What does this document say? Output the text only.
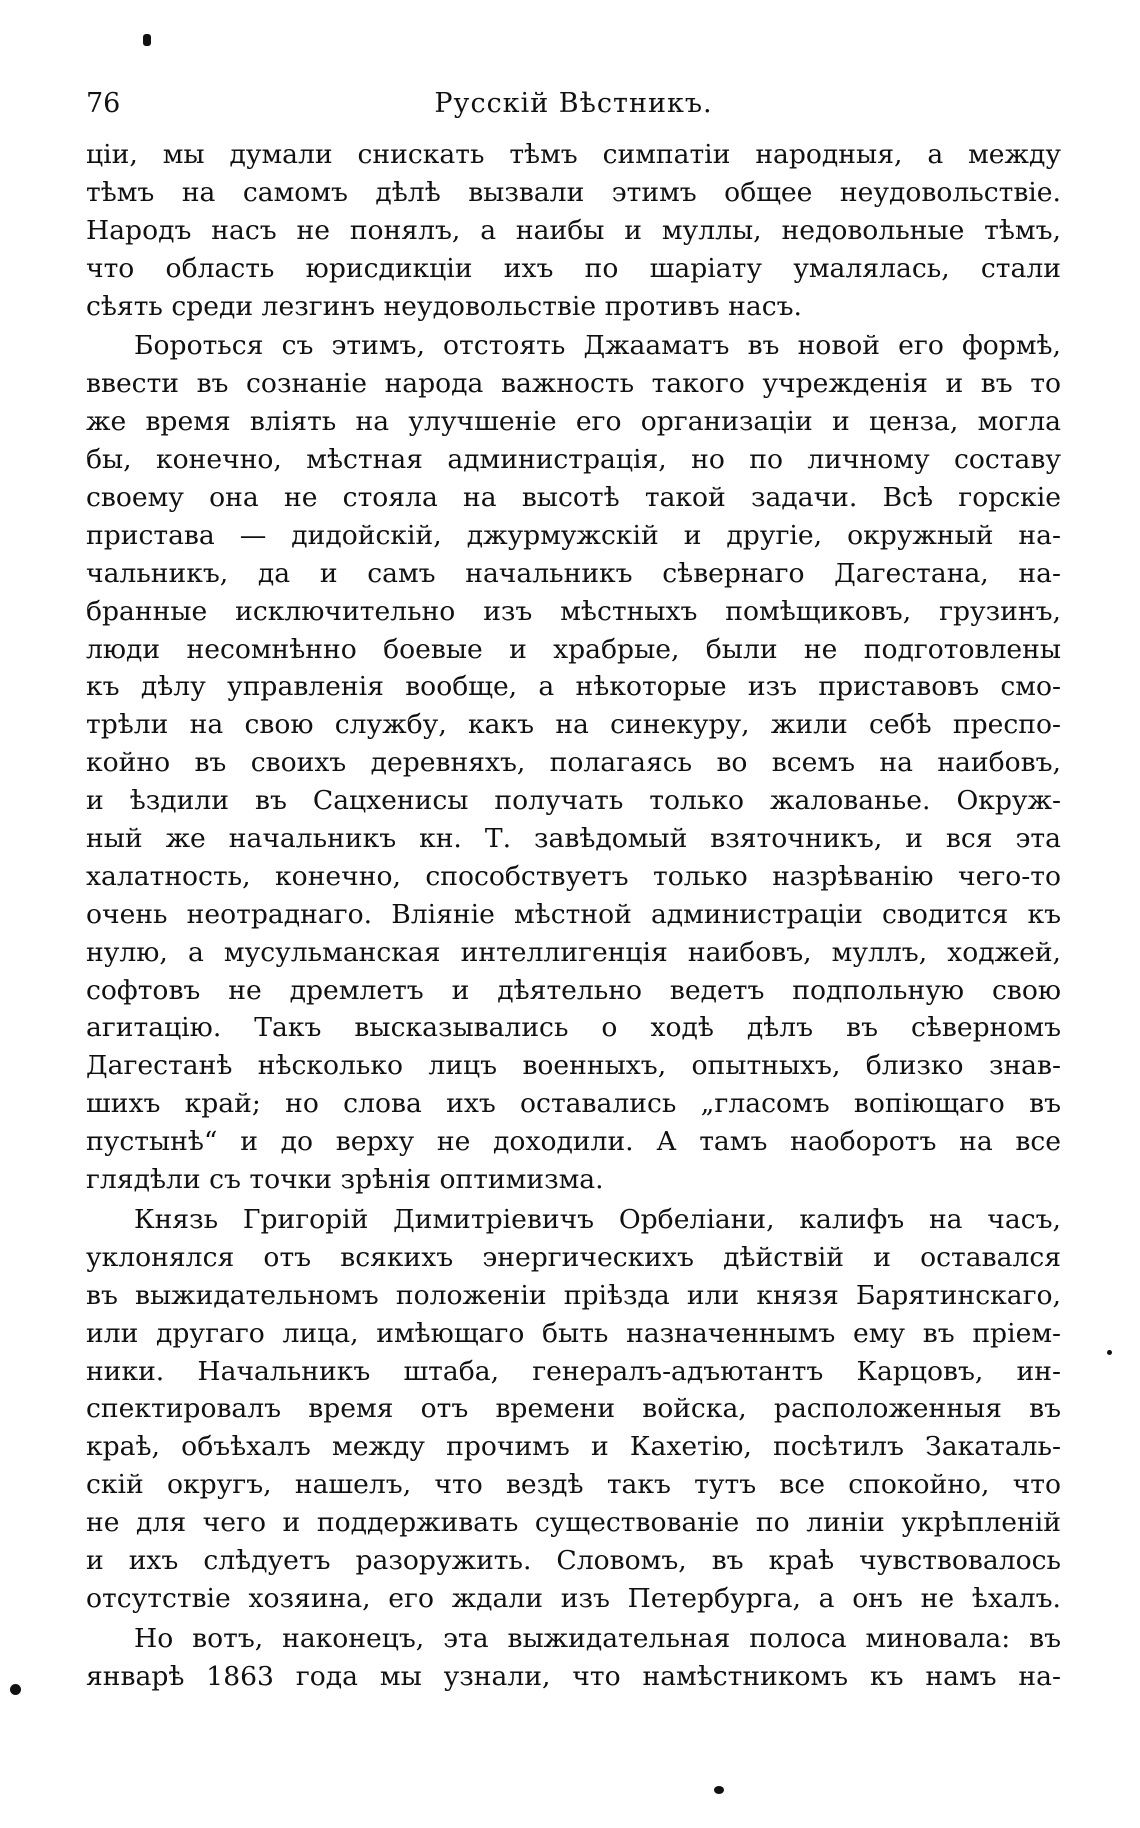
76	Русскій Вѣстникъ.
ціи, мы думали снискать тѣмъ симпатіи народныя, а между
тѣмъ на самомъ дѣлѣ вызвали этимъ общее неудовольствіе.
Народъ насъ не понялъ, а наибы и муллы, недовольные тѣмъ,
что область юрисдикціи ихъ по шаріату умалялась, стали
сѣять среди лезгинъ неудовольствіе противъ насъ.
Бороться съ этимъ, отстоять Джааматъ въ новой его формѣ,
ввести въ сознаніе народа важность такого учрежденія и въ то
же время вліять на улучшеніе его организаціи и ценза, могла
бы, конечно, мѣстная администрація, но по личному составу
своему она не стояла на высотѣ такой задачи. Всѣ горскіе
пристава — дидойскій, джурмужскій и другіе, окружный на-
чальникъ, да и самъ начальникъ сѣвернаго Дагестана, на-
бранные исключительно изъ мѣстныхъ помѣщиковъ, грузинъ,
люди несомнѣнно боевые и храбрые, были не подготовлены
къ дѣлу управленія вообще, а нѣкоторые изъ приставовъ смо-
трѣли на свою службу, какъ на синекуру, жили себѣ преспо-
койно въ своихъ деревняхъ, полагаясь во всемъ на наибовъ,
и ѣздили въ Сацхенисы получать только жалованье. Окруж-
ный же начальникъ кн. Т. завѣдомый взяточникъ, и вся эта
халатность, конечно, способствуетъ только назрѣванію чего-то
очень неотраднаго. Вліяніе мѣстной администраціи сводится къ
нулю, а мусульманская интеллигенція наибовъ, муллъ, ходжей,
софтовъ не дремлетъ и дѣятельно ведетъ подпольную свою
агитацію. Такъ высказывались о ходѣ дѣлъ въ сѣверномъ
Дагестанѣ нѣсколько лицъ военныхъ, опытныхъ, близко знав-
шихъ край; но слова ихъ оставались „гласомъ вопіющаго въ
пустынѣ“ и до верху не доходили. А тамъ наоборотъ на все
глядѣли съ точки зрѣнія оптимизма.
Князь Григорій Димитріевичъ Орбеліани, калифъ на часъ,
уклонялся отъ всякихъ энергическихъ дѣйствій и оставался
въ выжидательномъ положеніи пріѣзда или князя Барятинскаго,
или другаго лица, имѣющаго быть назначеннымъ ему въ пріем-
ники. Начальникъ штаба, генералъ-адъютантъ Карцовъ, ин-
спектировалъ время отъ времени войска, расположенныя въ
краѣ, объѣхалъ между прочимъ и Кахетію, посѣтилъ Закаталь-
скій округъ, нашелъ, что вездѣ такъ тутъ все спокойно, что
не для чего и поддерживать существованіе по линіи укрѣпленій
и ихъ слѣдуетъ разоружить. Словомъ, въ краѣ чувствовалось
отсутствіе хозяина, его ждали изъ Петербурга, а онъ не ѣхалъ.
Но вотъ, наконецъ, эта выжидательная полоса миновала: въ
январѣ 1863 года мы узнали, что намѣстникомъ къ намъ на-
